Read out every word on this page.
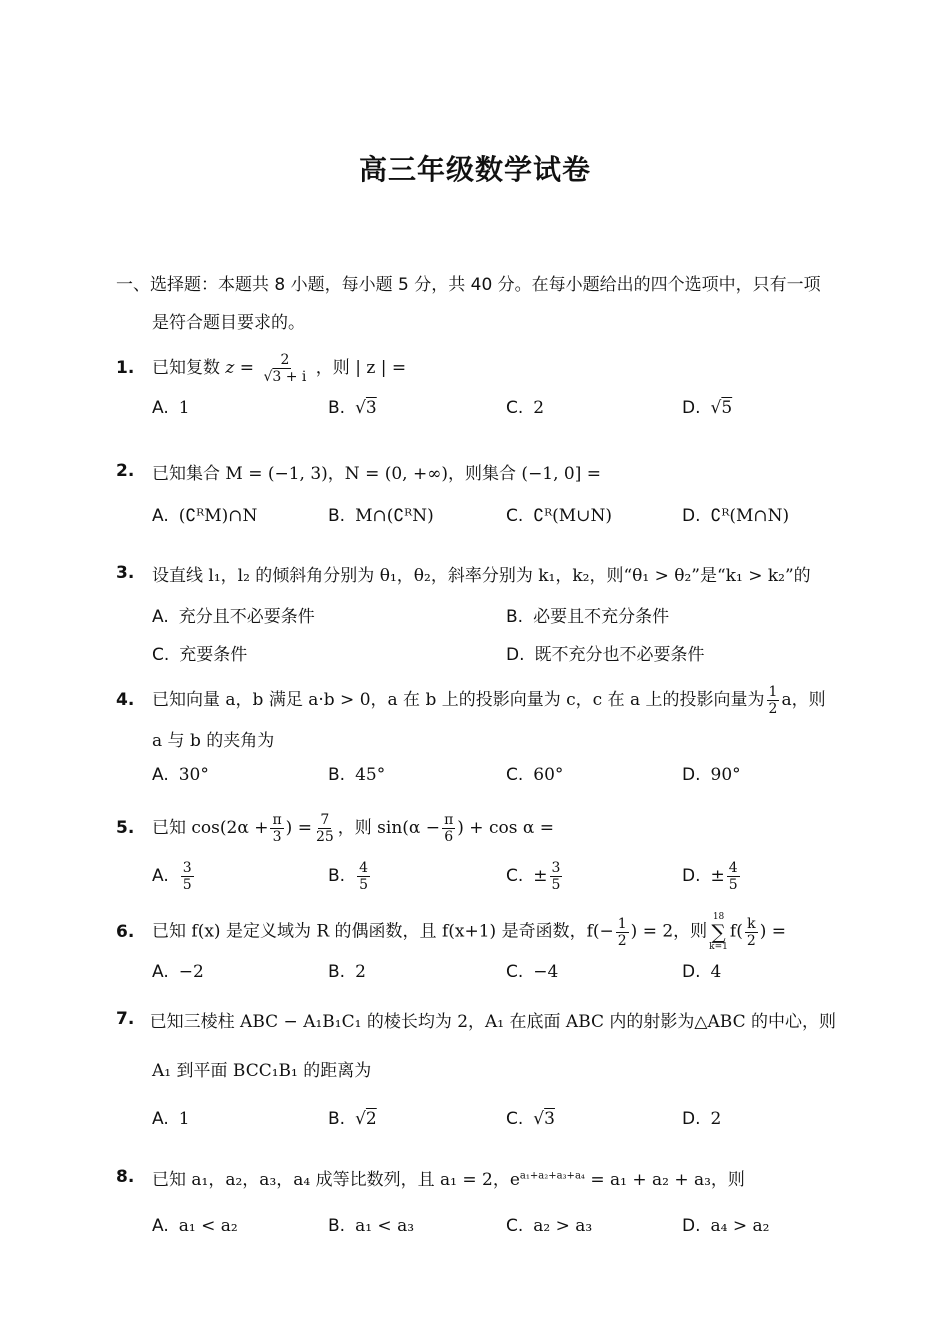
高三年级数学试卷
一、选择题：本题共 8 小题，每小题 5 分，共 40 分。在每小题给出的四个选项中，只有一项
是符合题目要求的。
1.	已知复数 $z = \frac{2}{√3 + i}$ ，则 | z | =
A. 1	B. √3	C. 2	D. √5
2.	已知集合 M = (−1, 3)，N = (0, +∞)，则集合 (−1, 0] =
A. (∁ᴿM)∩N	B. M∩(∁ᴿN)	C. ∁ᴿ(M∪N)	D. ∁ᴿ(M∩N)
3.	设直线 l₁，l₂ 的倾斜角分别为 θ₁，θ₂，斜率分别为 k₁，k₂，则“θ₁ > θ₂”是“k₁ > k₂”的
A. 充分且不必要条件	B. 必要且不充分条件
C. 充要条件	D. 既不充分也不必要条件
4.	已知向量 a，b 满足 a·b > 0，a 在 b 上的投影向量为 c，c 在 a 上的投影向量为 $\frac{1}{2}$ a，则
a 与 b 的夹角为
A. 30°	B. 45°	C. 60°	D. 90°
5.	已知 $\cos(2\alpha + \frac{\pi}{3}$ ) = $\frac{7}{25}$ ，则 $\sin(\alpha - \frac{\pi}{6}$ ) + cos α =
A. $\frac{3}{5}$	B. $\frac{4}{5}$	C. ± $\frac{3}{5}$	D. ± $\frac{4}{5}$
6.	已知 f(x) 是定义域为 R 的偶函数，且 f(x+1) 是奇函数，$f(- \frac{1}{2}$ ) = 2，则
18
∑
k=1
$f( \frac{k}{2}$ ) =
A. −2	B. 2	C. −4	D. 4
7. 已知三棱柱 ABC − A₁B₁C₁ 的棱长均为 2，A₁ 在底面 ABC 内的射影为△ABC 的中心，则
A₁ 到平面 BCC₁B₁ 的距离为
A. 1	B. √2	C. √3	D. 2
8.	已知 a₁，a₂，a₃，a₄ 成等比数列，且 a₁ = 2，$e^{a_1+a_2+a_3+a_4} = a_1 + a_2 + a_3$，则
A. a₁ < a₂	B. a₁ < a₃	C. a₂ > a₃	D. a₄ > a₂
